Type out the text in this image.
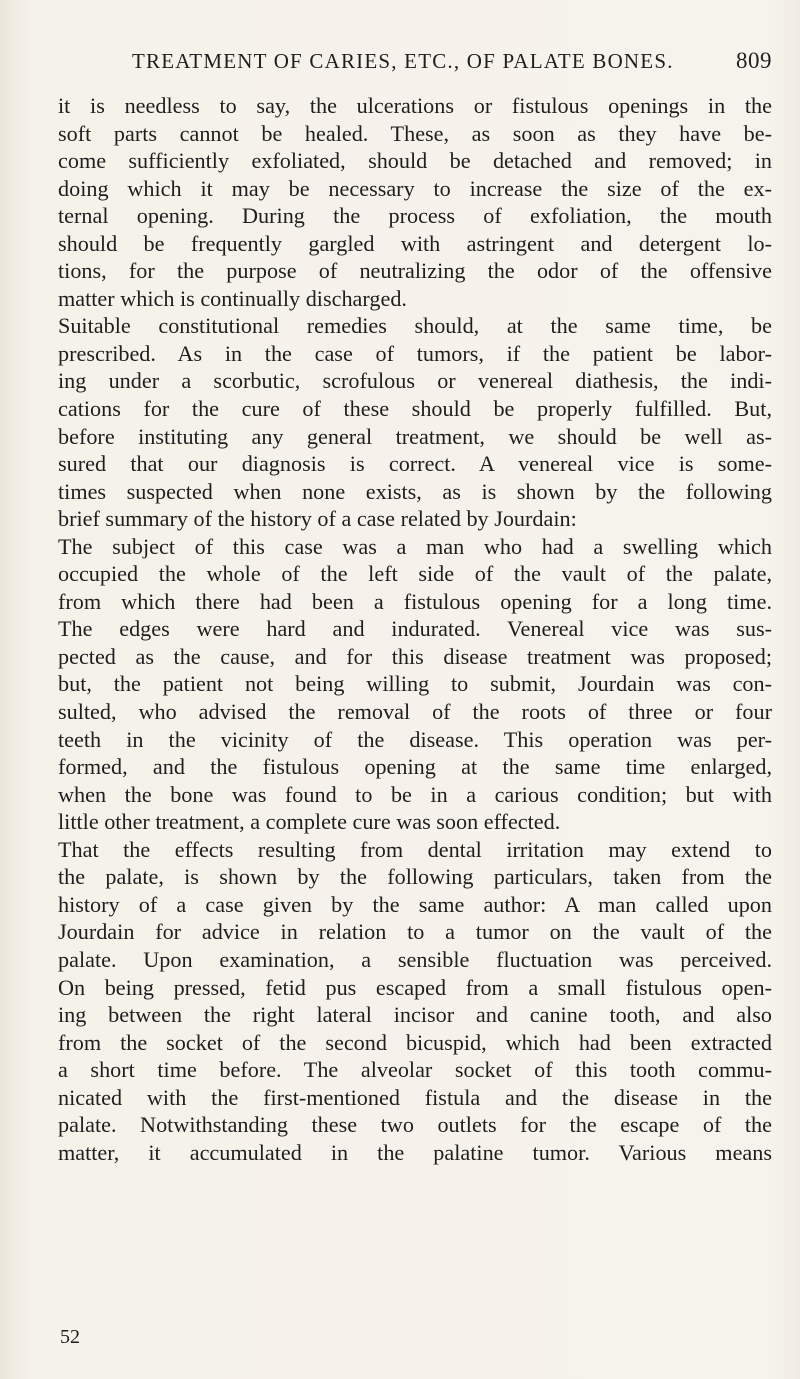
TREATMENT OF CARIES, ETC., OF PALATE BONES.	809
it is needless to say, the ulcerations or fistulous openings in the
soft parts cannot be healed. These, as soon as they have be-
come sufficiently exfoliated, should be detached and removed; in
doing which it may be necessary to increase the size of the ex-
ternal opening. During the process of exfoliation, the mouth
should be frequently gargled with astringent and detergent lo-
tions, for the purpose of neutralizing the odor of the offensive
matter which is continually discharged.
Suitable constitutional remedies should, at the same time, be
prescribed. As in the case of tumors, if the patient be labor-
ing under a scorbutic, scrofulous or venereal diathesis, the indi-
cations for the cure of these should be properly fulfilled. But,
before instituting any general treatment, we should be well as-
sured that our diagnosis is correct. A venereal vice is some-
times suspected when none exists, as is shown by the following
brief summary of the history of a case related by Jourdain:
The subject of this case was a man who had a swelling which
occupied the whole of the left side of the vault of the palate,
from which there had been a fistulous opening for a long time.
The edges were hard and indurated. Venereal vice was sus-
pected as the cause, and for this disease treatment was proposed;
but, the patient not being willing to submit, Jourdain was con-
sulted, who advised the removal of the roots of three or four
teeth in the vicinity of the disease. This operation was per-
formed, and the fistulous opening at the same time enlarged,
when the bone was found to be in a carious condition; but with
little other treatment, a complete cure was soon effected.
That the effects resulting from dental irritation may extend to
the palate, is shown by the following particulars, taken from the
history of a case given by the same author: A man called upon
Jourdain for advice in relation to a tumor on the vault of the
palate. Upon examination, a sensible fluctuation was perceived.
On being pressed, fetid pus escaped from a small fistulous open-
ing between the right lateral incisor and canine tooth, and also
from the socket of the second bicuspid, which had been extracted
a short time before. The alveolar socket of this tooth commu-
nicated with the first-mentioned fistula and the disease in the
palate. Notwithstanding these two outlets for the escape of the
matter, it accumulated in the palatine tumor. Various means
52
